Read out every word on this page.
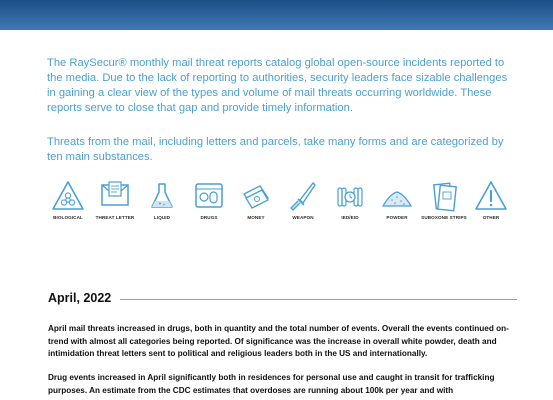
The RaySecur® monthly mail threat reports catalog global open-source incidents reported to the media. Due to the lack of reporting to authorities, security leaders face sizable challenges in gaining a clear view of the types and volume of mail threats occurring worldwide. These reports serve to close that gap and provide timely information.

Threats from the mail, including letters and parcels, take many forms and are categorized by ten main substances.

BIOLOGICAL	THREAT LETTER	LIQUID	DRUGS	MONEY	WEAPON	IED/EID	POWDER	SUBOXONE STRIPS	OTHER
April, 2022

April mail threats increased in drugs, both in quantity and the total number of events. Overall the events continued on-trend with almost all categories being reported. Of significance was the increase in overall white powder, death and intimidation threat letters sent to political and religious leaders both in the US and internationally.

Drug events increased in April significantly both in residences for personal use and caught in transit for trafficking purposes. An estimate from the CDC estimates that overdoses are running about 100k per year and with
